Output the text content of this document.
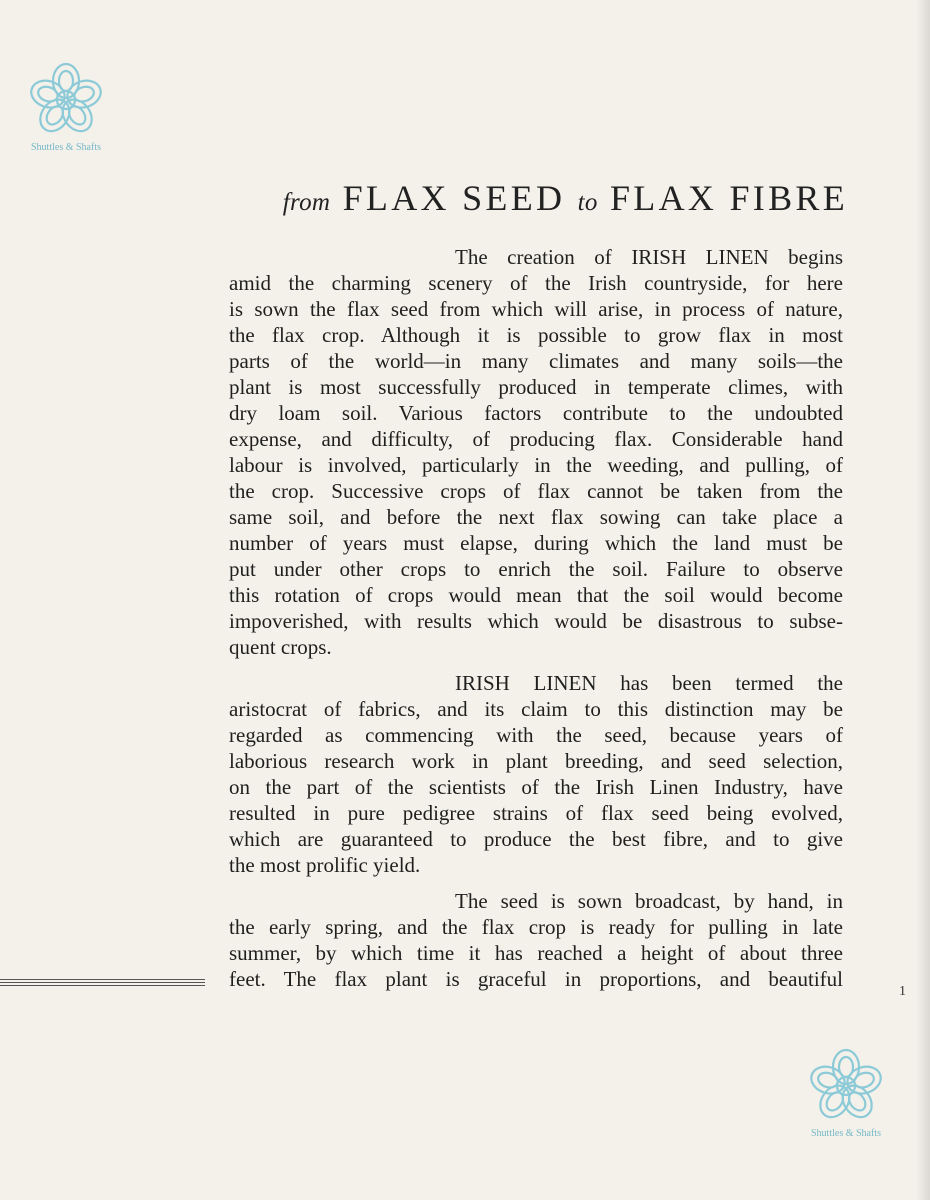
Shuttles & Shafts
from FLAX SEED to FLAX FIBRE

The creation of IRISH LINEN begins
amid the charming scenery of the Irish countryside, for here
is sown the flax seed from which will arise, in process of nature,
the flax crop. Although it is possible to grow flax in most
parts of the world—in many climates and many soils—the
plant is most successfully produced in temperate climes, with
dry loam soil. Various factors contribute to the undoubted
expense, and difficulty, of producing flax. Considerable hand
labour is involved, particularly in the weeding, and pulling, of
the crop. Successive crops of flax cannot be taken from the
same soil, and before the next flax sowing can take place a
number of years must elapse, during which the land must be
put under other crops to enrich the soil. Failure to observe
this rotation of crops would mean that the soil would become
impoverished, with results which would be disastrous to subse-
quent crops.

IRISH LINEN has been termed the
aristocrat of fabrics, and its claim to this distinction may be
regarded as commencing with the seed, because years of
laborious research work in plant breeding, and seed selection,
on the part of the scientists of the Irish Linen Industry, have
resulted in pure pedigree strains of flax seed being evolved,
which are guaranteed to produce the best fibre, and to give
the most prolific yield.

The seed is sown broadcast, by hand, in
the early spring, and the flax crop is ready for pulling in late
summer, by which time it has reached a height of about three
feet. The flax plant is graceful in proportions, and beautiful

1
Shuttles & Shafts
